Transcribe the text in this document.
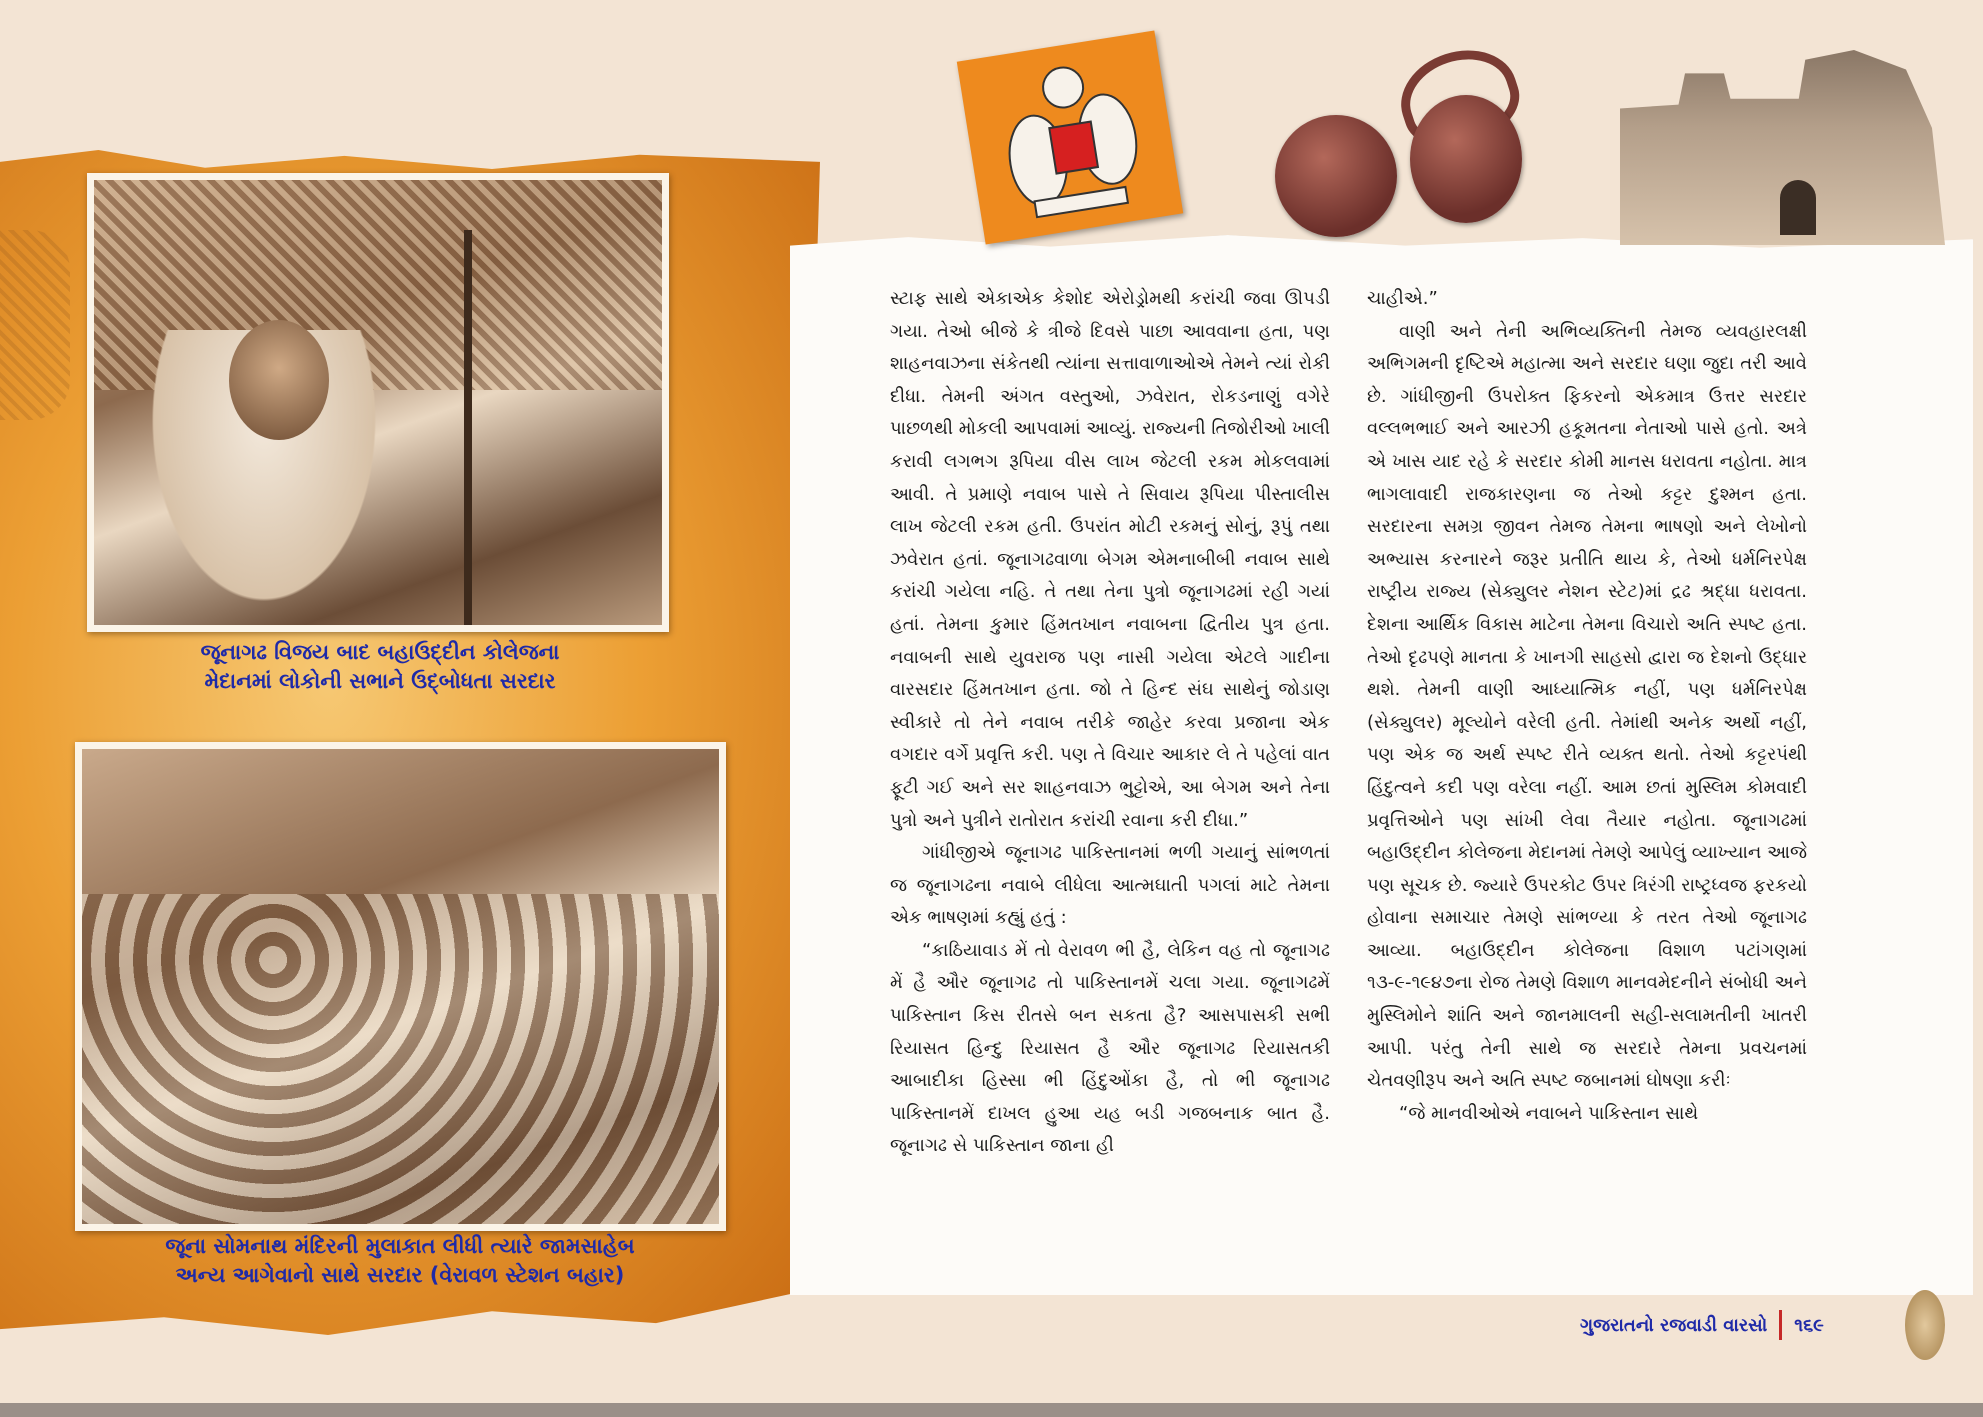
જૂનાગઢ વિજય બાદ બહાઉદ્દીન કોલેજના
મેદાનમાં લોકોની સભાને ઉદ્‍બોધતા સરદાર

જૂના સોમનાથ મંદિરની મુલાકાત લીધી ત્યારે જામસાહેબ
અન્ય આગેવાનો સાથે સરદાર (વેરાવળ સ્ટેશન બહાર)

સ્ટાફ સાથે એકાએક કેશોદ એરોડ્રોમથી કરાંચી જવા ઊપડી ગયા. તેઓ બીજે કે ત્રીજે દિવસે પાછા આવવાના હતા, પણ શાહનવાઝના સંકેતથી ત્યાંના સત્તાવાળાઓએ તેમને ત્યાં રોકી દીધા. તેમની અંગત વસ્તુઓ, ઝવેરાત, રોકડનાણું વગેરે પાછળથી મોકલી આપવામાં આવ્યું. રાજ્યની તિજોરીઓ ખાલી કરાવી લગભગ રૂપિયા વીસ લાખ જેટલી રકમ મોકલવામાં આવી. તે પ્રમાણે નવાબ પાસે તે સિવાય રૂપિયા પીસ્તાલીસ લાખ જેટલી રકમ હતી. ઉપરાંત મોટી રકમનું સોનું, રૂપું તથા ઝવેરાત હતાં. જૂનાગઢવાળા બેગમ એમનાબીબી નવાબ સાથે કરાંચી ગયેલા નહિ. તે તથા તેના પુત્રો જૂનાગઢમાં રહી ગયાં હતાં. તેમના કુમાર હિંમતખાન નવાબના દ્વિતીય પુત્ર હતા. નવાબની સાથે યુવરાજ પણ નાસી ગયેલા એટલે ગાદીના વારસદાર હિંમતખાન હતા. જો તે હિન્દ સંઘ સાથેનું જોડાણ સ્વીકારે તો તેને નવાબ તરીકે જાહેર કરવા પ્રજાના એક વગદાર વર્ગે પ્રવૃત્તિ કરી. પણ તે વિચાર આકાર લે તે પહેલાં વાત ફૂટી ગઈ અને સર શાહનવાઝ ભુટ્ટોએ, આ બેગમ અને તેના પુત્રો અને પુત્રીને રાતોરાત કરાંચી રવાના કરી દીધા.”

ગાંધીજીએ જૂનાગઢ પાકિસ્તાનમાં ભળી ગયાનું સાંભળતાં જ જૂનાગઢના નવાબે લીધેલા આત્મઘાતી પગલાં માટે તેમના એક ભાષણમાં કહ્યું હતું :

“કાઠિયાવાડ મેં તો વેરાવળ ભી હૈ, લેકિન વહ તો જૂનાગઢ મેં હૈ ઔર જૂનાગઢ તો પાકિસ્તાનમેં ચલા ગયા. જૂનાગઢમેં પાકિસ્તાન કિસ રીતસે બન સકતા હૈ? આસપાસકી સભી રિયાસત હિન્દુ રિયાસત હૈ ઔર જૂનાગઢ રિયાસતકી આબાદીકા હિસ્સા ભી હિંદુઓંકા હૈ, તો ભી જૂનાગઢ પાકિસ્તાનમેં દાખલ હુઆ યહ બડી ગજબનાક બાત હૈ. જૂનાગઢ સે પાકિસ્તાન જાના હી

ચાહીએ.”

વાણી અને તેની અભિવ્યક્તિની તેમજ વ્યવહારલક્ષી અભિગમની દૃષ્ટિએ મહાત્મા અને સરદાર ઘણા જુદા તરી આવે છે. ગાંધીજીની ઉપરોક્ત ફિકરનો એકમાત્ર ઉત્તર સરદાર વલ્લભભાઈ અને આરઝી હકૂમતના નેતાઓ પાસે હતો. અત્રે એ ખાસ યાદ રહે કે સરદાર કોમી માનસ ધરાવતા નહોતા. માત્ર ભાગલાવાદી રાજકારણના જ તેઓ કટ્ટર દુશ્મન હતા. સરદારના સમગ્ર જીવન તેમજ તેમના ભાષણો અને લેખોનો અભ્યાસ કરનારને જરૂર પ્રતીતિ થાય કે, તેઓ ધર્મનિરપેક્ષ રાષ્ટ્રીય રાજ્ય (સેક્યુલર નેશન સ્ટેટ)માં દ્રઢ શ્રદ્ધા ધરાવતા. દેશના આર્થિક વિકાસ માટેના તેમના વિચારો અતિ સ્પષ્ટ હતા. તેઓ દૃઢપણે માનતા કે ખાનગી સાહસો દ્વારા જ દેશનો ઉદ્ધાર થશે. તેમની વાણી આધ્યાત્મિક નહીં, પણ ધર્મનિરપેક્ષ (સેક્યુલર) મૂલ્યોને વરેલી હતી. તેમાંથી અનેક અર્થો નહીં, પણ એક જ અર્થ સ્પષ્ટ રીતે વ્યક્ત થતો. તેઓ કટ્ટરપંથી હિંદુત્વને કદી પણ વરેલા નહીં. આમ છતાં મુસ્લિમ કોમવાદી પ્રવૃત્તિઓને પણ સાંખી લેવા તૈયાર નહોતા. જૂનાગઢમાં બહાઉદ્દીન કોલેજના મેદાનમાં તેમણે આપેલું વ્યાખ્યાન આજે પણ સૂચક છે. જ્યારે ઉપરકોટ ઉપર ત્રિરંગી રાષ્ટ્રધ્વજ ફરકયો હોવાના સમાચાર તેમણે સાંભળ્યા કે તરત તેઓ જૂનાગઢ આવ્યા. બહાઉદ્દીન કોલેજના વિશાળ પટાંગણમાં ૧૩-૯-૧૯૪૭ના રોજ તેમણે વિશાળ માનવમેદનીને સંબોધી અને મુસ્લિમોને શાંતિ અને જાનમાલની સહી-સલામતીની ખાતરી આપી. પરંતુ તેની સાથે જ સરદારે તેમના પ્રવચનમાં ચેતવણીરૂપ અને અતિ સ્પષ્ટ જબાનમાં ઘોષણા કરીઃ

“જે માનવીઓએ નવાબને પાકિસ્તાન સાથે

ગુજરાતનો રજવાડી વારસો ૧૬૯
